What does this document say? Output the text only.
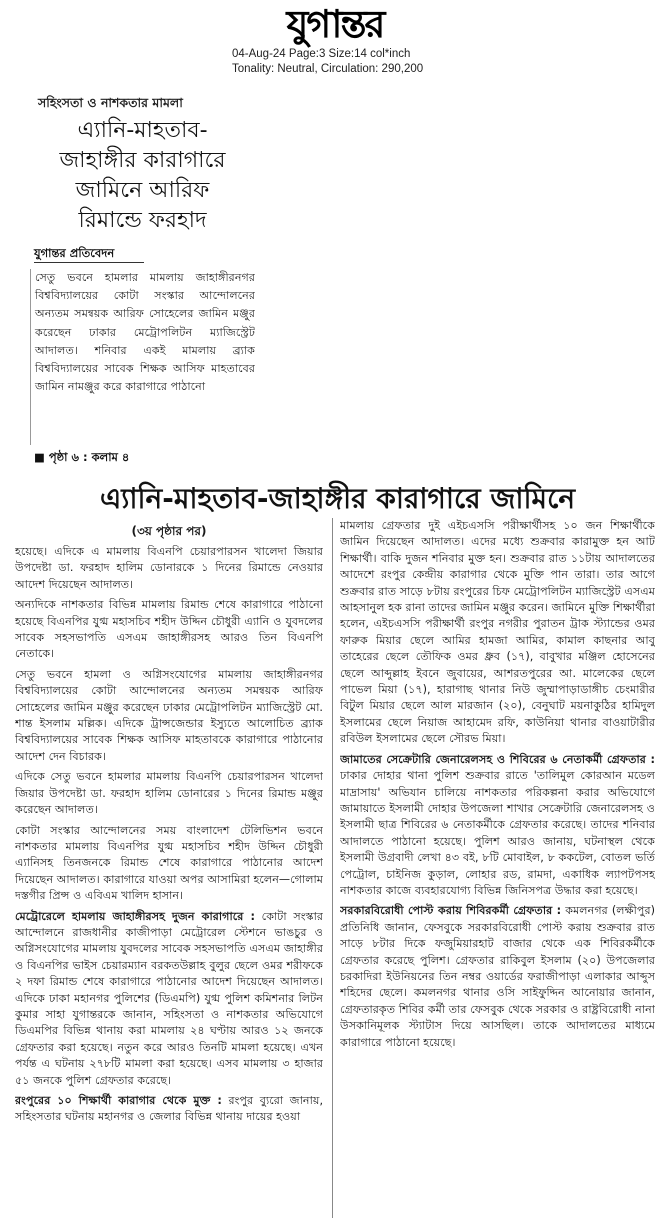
যুগান্তর
04-Aug-24 Page:3 Size:14 col*inch
Tonality: Neutral, Circulation: 290,200
সহিংসতা ও নাশকতার মামলা
এ্যানি-মাহতাব-
জাহাঙ্গীর কারাগারে
জামিনে আরিফ
রিমান্ডে ফরহাদ
যুগান্তর প্রতিবেদন
সেতু ভবনে হামলার মামলায় জাহাঙ্গীরনগর বিশ্ববিদ্যালয়ের কোটা সংস্কার আন্দোলনের অন্যতম সমন্বয়ক আরিফ সোহেলের জামিন মঞ্জুর করেছেন ঢাকার মেট্রোপলিটন ম্যাজিস্ট্রেট আদালত। শনিবার একই মামলায় ব্র্যাক বিশ্ববিদ্যালয়ের সাবেক শিক্ষক আসিফ মাহতাবের জামিন নামঞ্জুর করে কারাগারে পাঠানো
■ পৃষ্ঠা ৬ : কলাম ৪
এ্যানি-মাহতাব-জাহাঙ্গীর কারাগারে জামিনে
(৩য় পৃষ্ঠার পর)

হয়েছে। এদিকে এ মামলায় বিএনপি চেয়ারপারসন খালেদা জিয়ার উপদেষ্টা ডা. ফরহাদ হালিম ডোনারকে ১ দিনের রিমান্ডে নেওয়ার আদেশ দিয়েছেন আদালত।

অন্যদিকে নাশকতার বিভিন্ন মামলায় রিমান্ড শেষে কারাগারে পাঠানো হয়েছে বিএনপির যুগ্ম মহাসচিব শহীদ উদ্দিন চৌধুরী এ্যানি ও যুবদলের সাবেক সহসভাপতি এসএম জাহাঙ্গীরসহ আরও তিন বিএনপি নেতাকে।

সেতু ভবনে হামলা ও অগ্নিসংযোগের মামলায় জাহাঙ্গীরনগর বিশ্ববিদ্যালয়ের কোটা আন্দোলনের অন্যতম সমন্বয়ক আরিফ সোহেলের জামিন মঞ্জুর করেছেন ঢাকার মেট্রোপলিটন ম্যাজিস্ট্রেট মো. শান্ত ইসলাম মল্লিক। এদিকে ট্রান্সজেন্ডার ইস্যুতে আলোচিত ব্র্যাক বিশ্ববিদ্যালয়ের সাবেক শিক্ষক আসিফ মাহতাবকে কারাগারে পাঠানোর আদেশ দেন বিচারক।

এদিকে সেতু ভবনে হামলার মামলায় বিএনপি চেয়ারপারসন খালেদা জিয়ার উপদেষ্টা ডা. ফরহাদ হালিম ডোনারের ১ দিনের রিমান্ড মঞ্জুর করেছেন আদালত।

কোটা সংস্কার আন্দোলনের সময় বাংলাদেশ টেলিভিশন ভবনে নাশকতার মামলায় বিএনপির যুগ্ম মহাসচিব শহীদ উদ্দিন চৌধুরী এ্যানিসহ তিনজনকে রিমান্ড শেষে কারাগারে পাঠানোর আদেশ দিয়েছেন আদালত। কারাগারে যাওয়া অপর আসামিরা হলেন—গোলাম দস্তগীর প্রিন্স ও এবিএম খালিদ হাসান।

মেট্রোরেলে হামলায় জাহাঙ্গীরসহ দুজন কারাগারে : কোটা সংস্কার আন্দোলনে রাজধানীর কাজীপাড়া মেট্রোরেল স্টেশনে ভাঙচুর ও অগ্নিসংযোগের মামলায় যুবদলের সাবেক সহসভাপতি এসএম জাহাঙ্গীর ও বিএনপির ভাইস চেয়ারম্যান বরকতউল্লাহ বুলুর ছেলে ওমর শরীফকে ২ দফা রিমান্ড শেষে কারাগারে পাঠানোর আদেশ দিয়েছেন আদালত। এদিকে ঢাকা মহানগর পুলিশের (ডিএমপি) যুগ্ম পুলিশ কমিশনার লিটন কুমার সাহা যুগান্তরকে জানান, সহিংসতা ও নাশকতার অভিযোগে ডিএমপির বিভিন্ন থানায় করা মামলায় ২৪ ঘণ্টায় আরও ১২ জনকে গ্রেফতার করা হয়েছে। নতুন করে আরও তিনটি মামলা হয়েছে। এখন পর্যন্ত এ ঘটনায় ২৭৮টি মামলা করা হয়েছে। এসব মামলায় ৩ হাজার ৫১ জনকে পুলিশ গ্রেফতার করেছে।

রংপুরের ১০ শিক্ষার্থী কারাগার থেকে মুক্ত : রংপুর ব্যুরো জানায়, সহিংসতার ঘটনায় মহানগর ও জেলার বিভিন্ন থানায় দায়ের হওয়া

মামলায় গ্রেফতার দুই এইচএসসি পরীক্ষার্থীসহ ১০ জন শিক্ষার্থীকে জামিন দিয়েছেন আদালত। এদের মধ্যে শুক্রবার কারামুক্ত হন আট শিক্ষার্থী। বাকি দুজন শনিবার মুক্ত হন। শুক্রবার রাত ১১টায় আদালতের আদেশে রংপুর কেন্দ্রীয় কারাগার থেকে মুক্তি পান তারা। তার আগে শুক্রবার রাত সাড়ে ৮টায় রংপুরের চিফ মেট্রোপলিটন ম্যাজিস্ট্রেট এসএম আহসানুল হক রানা তাদের জামিন মঞ্জুর করেন। জামিনে মুক্তি শিক্ষার্থীরা হলেন, এইচএসসি পরীক্ষার্থী রংপুর নগরীর পুরাতন ট্রাক স্ট্যান্ডের ওমর ফারুক মিয়ার ছেলে আমির হামজা আমির, কামাল কাছনার আবু তাহেরের ছেলে তৌফিক ওমর ধ্রুব (১৭), বাবুখার মঞ্জিল হোসেনের ছেলে আব্দুল্লাহ ইবনে জুবায়ের, আশরতপুরের আ. মালেকের ছেলে পাভেল মিয়া (১৭), হারাগাছ থানার নিউ জুম্মাপাড়াডাঙ্গীচ চেংমারীর বিটুল মিয়ার ছেলে আল মারজান (২০), বেনুঘাট ময়নাকুঠির হামিদুল ইসলামের ছেলে নিয়াজ আহামেদ রফি, কাউনিয়া থানার বাওয়াটারীর রবিউল ইসলামের ছেলে সৌরভ মিয়া।

জামাতের সেক্রেটারি জেনারেলসহ ও শিবিরের ৬ নেতাকর্মী গ্রেফতার : ঢাকার দোহার থানা পুলিশ শুক্রবার রাতে 'তালিমুল কোরআন মডেল মাদ্রাসায়' অভিযান চালিয়ে নাশকতার পরিকল্পনা করার অভিযোগে জামায়াতে ইসলামী দোহার উপজেলা শাখার সেক্রেটারি জেনারেলসহ ও ইসলামী ছাত্র শিবিরের ৬ নেতাকর্মীকে গ্রেফতার করেছে। তাদের শনিবার আদালতে পাঠানো হয়েছে। পুলিশ আরও জানায়, ঘটনাস্থল থেকে ইসলামী উগ্রবাদী লেখা ৪৩ বই, ৮টি মোবাইল, ৮ ককটেল, বোতল ভর্তি পেট্রোল, চাইনিজ কুড়াল, লোহার রড, রামদা, একাধিক ল্যাপটপসহ নাশকতার কাজে ব্যবহারযোগ্য বিভিন্ন জিনিসপত্র উদ্ধার করা হয়েছে।

সরকারবিরোধী পোস্ট করায় শিবিরকর্মী গ্রেফতার : কমলনগর (লক্ষীপুর) প্রতিনিধি জানান, ফেসবুকে সরকারবিরোধী পোস্ট করায় শুক্রবার রাত সাড়ে ৮টার দিকে ফজুমিয়ারহাট বাজার থেকে এক শিবিরকর্মীকে গ্রেফতার করেছে পুলিশ। গ্রেফতার রাকিবুল ইসলাম (২০) উপজেলার চরকাদিরা ইউনিয়নের তিন নম্বর ওয়ার্ডের ফরাজীপাড়া এলাকার আব্দুস শহিদের ছেলে। কমলনগর থানার ওসি সাইফুদ্দিন আনোয়ার জানান, গ্রেফতারকৃত শিবির কর্মী তার ফেসবুক থেকে সরকার ও রাষ্ট্রবিরোধী নানা উসকানিমূলক স্ট্যাটাস দিয়ে আসছিল। তাকে আদালতের মাধ্যমে কারাগারে পাঠানো হয়েছে।
